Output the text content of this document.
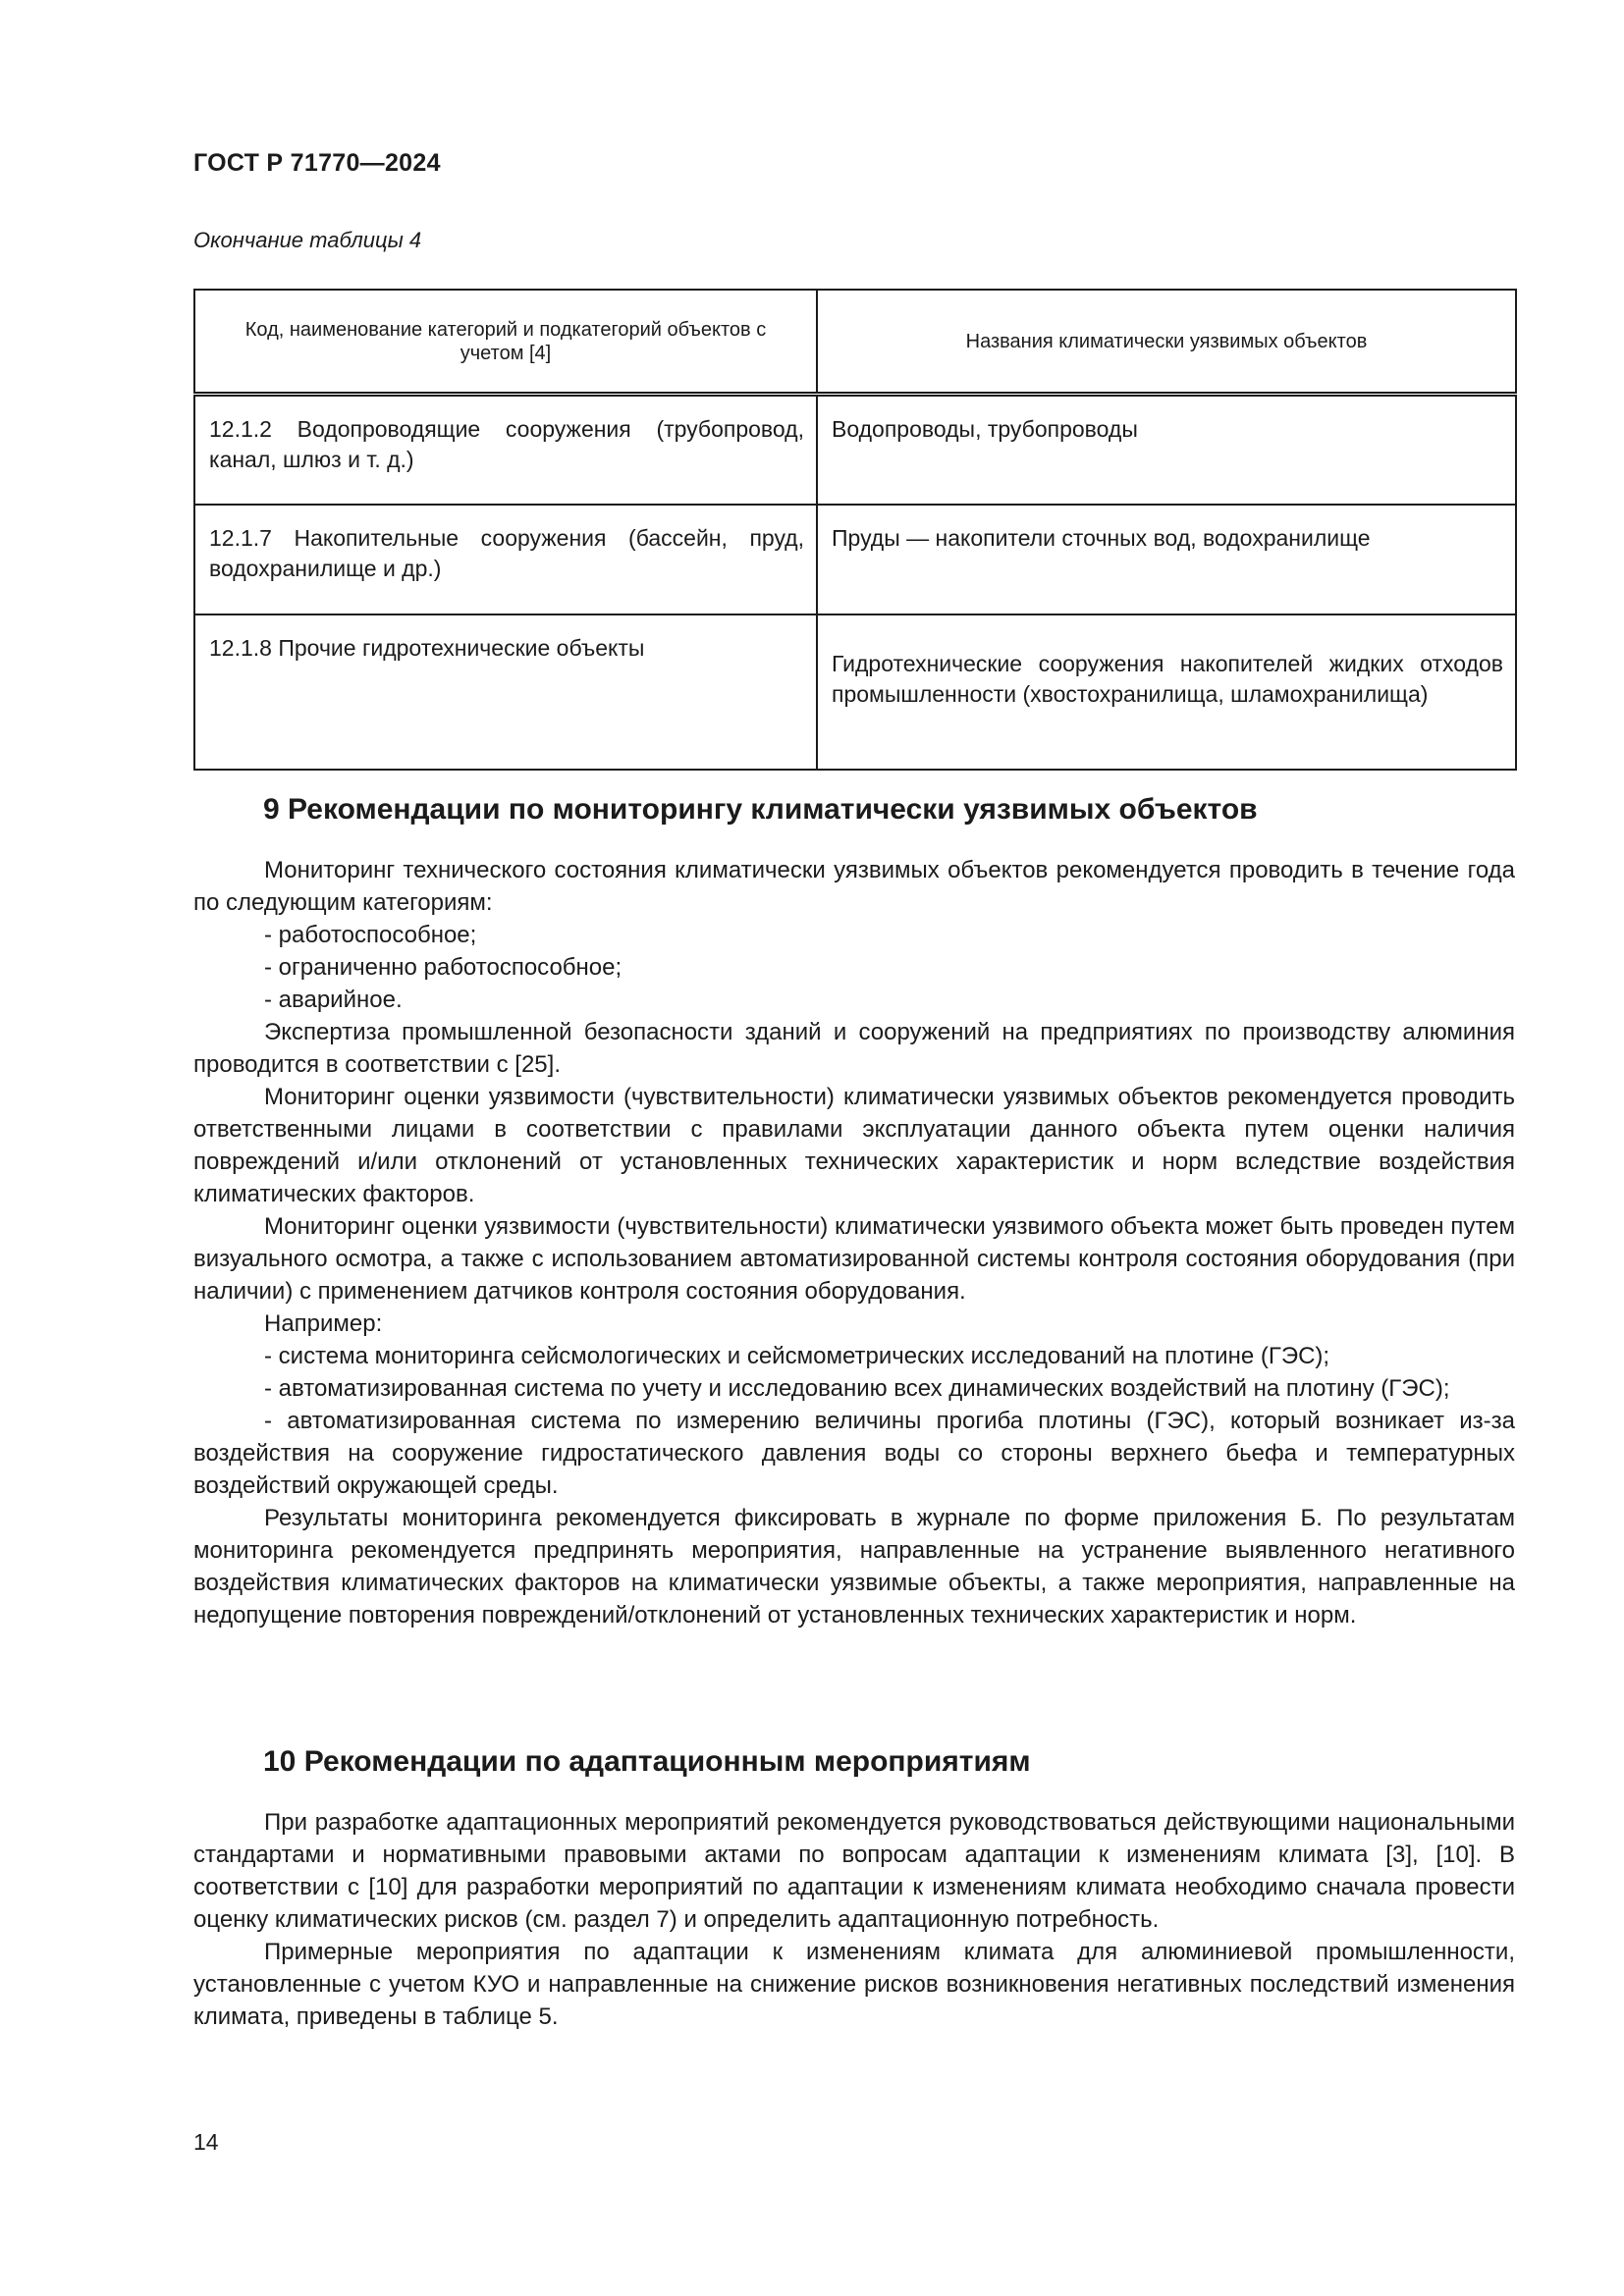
ГОСТ Р 71770—2024
Окончание таблицы 4
Код, наименование категорий и подкатегорий объектов с учетом [4]	Названия климатически уязвимых объектов
12.1.2 Водопроводящие сооружения (трубопровод, канал, шлюз и т. д.)	Водопроводы, трубопроводы
12.1.7 Накопительные сооружения (бассейн, пруд, водохранилище и др.)	Пруды — накопители сточных вод, водохранилище
12.1.8 Прочие гидротехнические объекты	Гидротехнические сооружения накопителей жидких отходов промышленности (хвостохранилища, шламохранилища)
9 Рекомендации по мониторингу климатически уязвимых объектов

Мониторинг технического состояния климатически уязвимых объектов рекомендуется проводить в течение года по следующим категориям:

- работоспособное;
- ограниченно работоспособное;
- аварийное.

Экспертиза промышленной безопасности зданий и сооружений на предприятиях по производству алюминия проводится в соответствии с [25].

Мониторинг оценки уязвимости (чувствительности) климатически уязвимых объектов рекомендуется проводить ответственными лицами в соответствии с правилами эксплуатации данного объекта путем оценки наличия повреждений и/или отклонений от установленных технических характеристик и норм вследствие воздействия климатических факторов.

Мониторинг оценки уязвимости (чувствительности) климатически уязвимого объекта может быть проведен путем визуального осмотра, а также с использованием автоматизированной системы контроля состояния оборудования (при наличии) с применением датчиков контроля состояния оборудования.

Например:

- система мониторинга сейсмологических и сейсмометрических исследований на плотине (ГЭС);

- автоматизированная система по учету и исследованию всех динамических воздействий на плотину (ГЭС);

- автоматизированная система по измерению величины прогиба плотины (ГЭС), который возникает из-за воздействия на сооружение гидростатического давления воды со стороны верхнего бьефа и температурных воздействий окружающей среды.

Результаты мониторинга рекомендуется фиксировать в журнале по форме приложения Б. По результатам мониторинга рекомендуется предпринять мероприятия, направленные на устранение выявленного негативного воздействия климатических факторов на климатически уязвимые объекты, а также мероприятия, направленные на недопущение повторения повреждений/отклонений от установленных технических характеристик и норм.

10 Рекомендации по адаптационным мероприятиям

При разработке адаптационных мероприятий рекомендуется руководствоваться действующими национальными стандартами и нормативными правовыми актами по вопросам адаптации к изменениям климата [3], [10]. В соответствии с [10] для разработки мероприятий по адаптации к изменениям климата необходимо сначала провести оценку климатических рисков (см. раздел 7) и определить адаптационную потребность.

Примерные мероприятия по адаптации к изменениям климата для алюминиевой промышленности, установленные с учетом КУО и направленные на снижение рисков возникновения негативных последствий изменения климата, приведены в таблице 5.

14
